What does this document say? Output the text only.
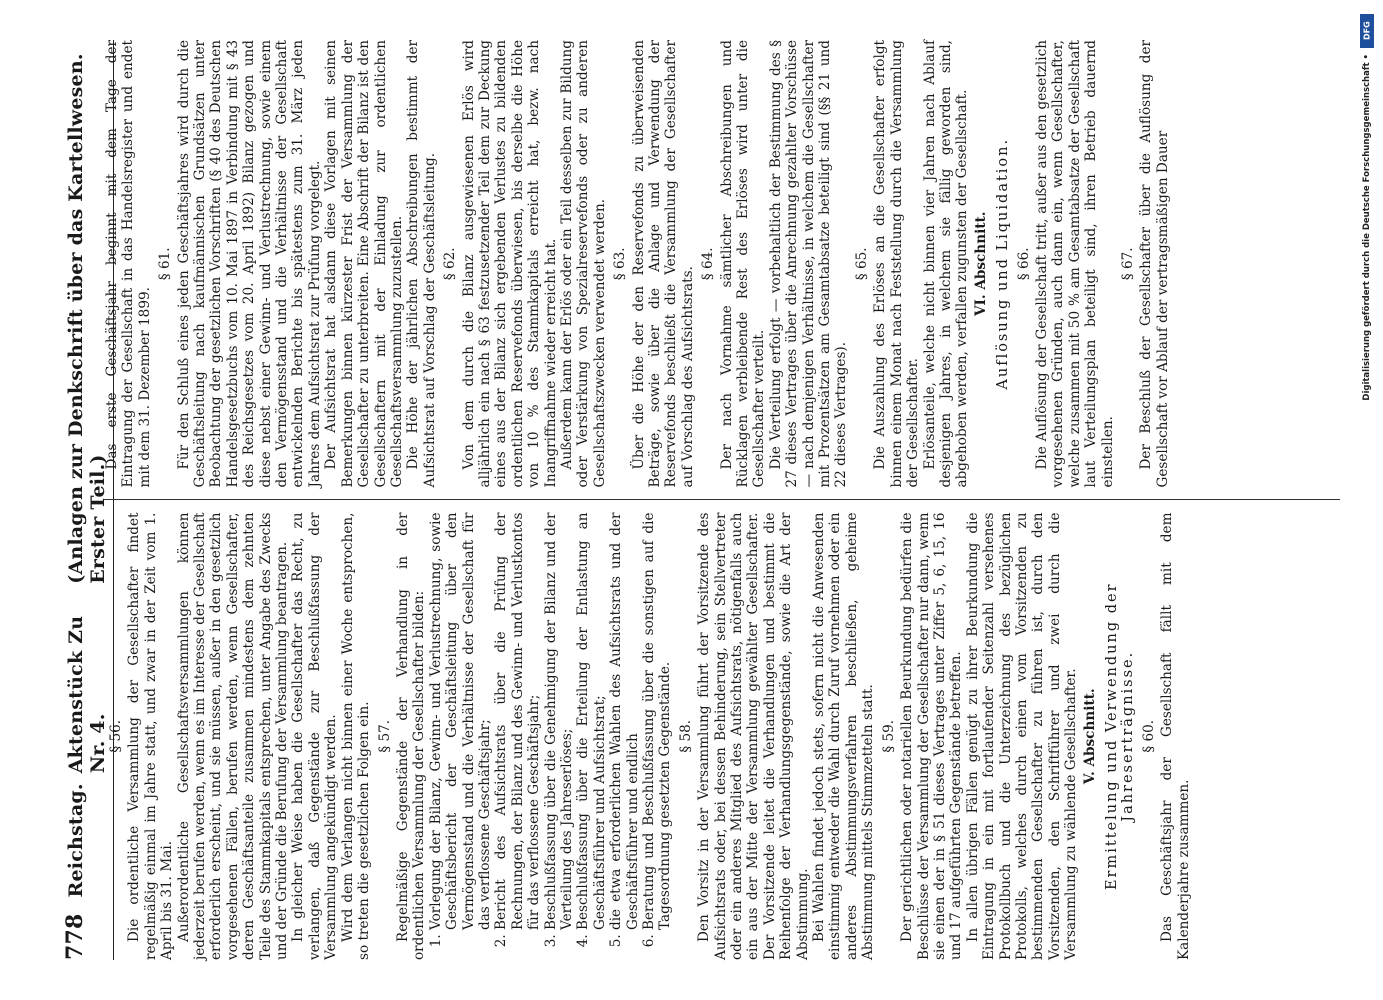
778
Reichstag.
Aktenstück Zu Nr. 4.
(Anlagen zur Denkschrift über das Kartellwesen. Erster Teil.)
§ 56. Die ordentliche Versammlung der Gesellschafter findet regelmäßig einmal im Jahre statt, und zwar in der Zeit vom 1. April bis 31. Mai. Außerordentliche Gesellschaftsversammlungen können jederzeit berufen werden, wenn es im Interesse der Gesellschaft erforderlich erscheint, und sie müssen, außer in den gesetzlich vorgesehenen Fällen, berufen werden, wenn Gesellschafter, deren Geschäftsanteile zusammen mindestens dem zehnten Teile des Stammkapitals entsprechen, unter Angabe des Zwecks und der Gründe die Berufung der Versammlung beantragen. In gleicher Weise haben die Gesellschafter das Recht, zu verlangen, daß Gegenstände zur Beschlußfassung der Versammlung angekündigt werden. Wird dem Verlangen nicht binnen einer Woche entsprochen, so treten die gesetzlichen Folgen ein. § 57. Regelmäßige Gegenstände der Verhandlung in der ordentlichen Versammlung der Gesellschafter bilden: 1. Vorlegung der Bilanz, Gewinn- und Verlustrechnung, sowie Geschäftsbericht der Geschäftsleitung über den Vermögensstand und die Verhältnisse der Gesellschaft für das verflossene Geschäftsjahr; 2. Bericht des Aufsichtsrats über die Prüfung der Rechnungen, der Bilanz und des Gewinn- und Verlustkontos für das verflossene Geschäftsjahr; 3. Beschlußfassung über die Genehmigung der Bilanz und der Verteilung des Jahreserlöses; 4. Beschlußfassung über die Erteilung der Entlastung an Geschäftsführer und Aufsichtsrat; 5. die etwa erforderlichen Wahlen des Aufsichtsrats und der Geschäftsführer und endlich 6. Beratung und Beschlußfassung über die sonstigen auf die Tagesordnung gesetzten Gegenstände. § 58. Den Vorsitz in der Versammlung führt der Vorsitzende des Aufsichtsrats oder, bei dessen Behinderung, sein Stellvertreter oder ein anderes Mitglied des Aufsichtsrats, nötigenfalls auch ein aus der Mitte der Versammlung gewählter Gesellschafter. Der Vorsitzende leitet die Verhandlungen und bestimmt die Reihenfolge der Verhandlungsgegenstände, sowie die Art der Abstimmung. Bei Wahlen findet jedoch stets, sofern nicht die Anwesenden einstimmig entweder die Wahl durch Zuruf vornehmen oder ein anderes Abstimmungsverfahren beschließen, geheime Abstimmung mittels Stimmzetteln statt. § 59. Der gerichtlichen oder notariellen Beurkundung bedürfen die Beschlüsse der Versammlung der Gesellschafter nur dann, wenn sie einen der in § 51 dieses Vertrages unter Ziffer 5, 6, 15, 16 und 17 aufgeführten Gegenstände betreffen. In allen übrigen Fällen genügt zu ihrer Beurkundung die Eintragung in ein mit fortlaufender Seitenzahl versehenes Protokollbuch und die Unterzeichnung des bezüglichen Protokolls, welches durch einen vom Vorsitzenden zu bestimmenden Gesellschafter zu führen ist, durch den Vorsitzenden, den Schriftführer und zwei durch die Versammlung zu wählende Gesellschafter. V. Abschnitt. Ermittelung und Verwendung der Jahreserträgnisse. § 60. Das Geschäftsjahr der Gesellschaft fällt mit dem Kalenderjahre zusammen.

Das erste Geschäftsjahr beginnt mit dem Tage der Eintragung der Gesellschaft in das Handelsregister und endet mit dem 31. Dezember 1899.

§ 61. Für den Schluß eines jeden Geschäftsjahres wird durch die Geschäftsleitung nach kaufmännischen Grundsätzen unter Beobachtung der gesetzlichen Vorschriften (§ 40 des Deutschen Handelsgesetzbuchs vom 10. Mai 1897 in Verbindung mit § 43 des Reichsgesetzes vom 20. April 1892) Bilanz gezogen und diese nebst einer Gewinn- und Verlustrechnung, sowie einem den Vermögensstand und die Verhältnisse der Gesellschaft entwickelnden Berichte bis spätestens zum 31. März jeden Jahres dem Aufsichtsrat zur Prüfung vorgelegt. Der Aufsichtsrat hat alsdann diese Vorlagen mit seinen Bemerkungen binnen kürzester Frist der Versammlung der Gesellschafter zu unterbreiten. Eine Abschrift der Bilanz ist den Gesellschaftern mit der Einladung zur ordentlichen Gesellschaftsversammlung zuzustellen. Die Höhe der jährlichen Abschreibungen bestimmt der Aufsichtsrat auf Vorschlag der Geschäftsleitung. § 62. Von dem durch die Bilanz ausgewiesenen Erlös wird alljährlich ein nach § 63 festzusetzender Teil dem zur Deckung eines aus der Bilanz sich ergebenden Verlustes zu bildenden ordentlichen Reservefonds überwiesen, bis derselbe die Höhe von 10 % des Stammkapitals erreicht hat, bezw. nach Inangriffnahme wieder erreicht hat. Außerdem kann der Erlös oder ein Teil desselben zur Bildung oder Verstärkung von Spezialreservefonds oder zu anderen Gesellschaftszwecken verwendet werden. § 63. Über die Höhe der den Reservefonds zu überweisenden Beträge, sowie über die Anlage und Verwendung der Reservefonds beschließt die Versammlung der Gesellschafter auf Vorschlag des Aufsichtsrats.

§ 64. Der nach Vornahme sämtlicher Abschreibungen und Rücklagen verbleibende Rest des Erlöses wird unter die Gesellschafter verteilt. Die Verteilung erfolgt — vorbehaltlich der Bestimmung des § 27 dieses Vertrages über die Anrechnung gezahlter Vorschüsse — nach demjenigen Verhältnisse, in welchem die Gesellschafter mit Prozentsätzen am Gesamtabsatze beteiligt sind (§§ 21 und 22 dieses Vertrages).

§ 65. Die Auszahlung des Erlöses an die Gesellschafter erfolgt binnen einem Monat nach Feststellung durch die Versammlung der Gesellschafter. Erlösanteile, welche nicht binnen vier Jahren nach Ablauf desjenigen Jahres, in welchem sie fällig geworden sind, abgehoben werden, verfallen zugunsten der Gesellschaft. VI. Abschnitt. Auflösung und Liquidation. § 66. Die Auflösung der Gesellschaft tritt, außer aus den gesetzlich vorgesehenen Gründen, auch dann ein, wenn Gesellschafter, welche zusammen mit 50 % am Gesamtabsatze der Gesellschaft laut Verteilungsplan beteiligt sind, ihren Betrieb dauernd einstellen.

§ 67. Der Beschluß der Gesellschafter über die Auflösung der Gesellschaft vor Ablauf der vertragsmäßigen Dauer

DFG
Digitalisierung gefördert durch die Deutsche Forschungsgemeinschaft •
